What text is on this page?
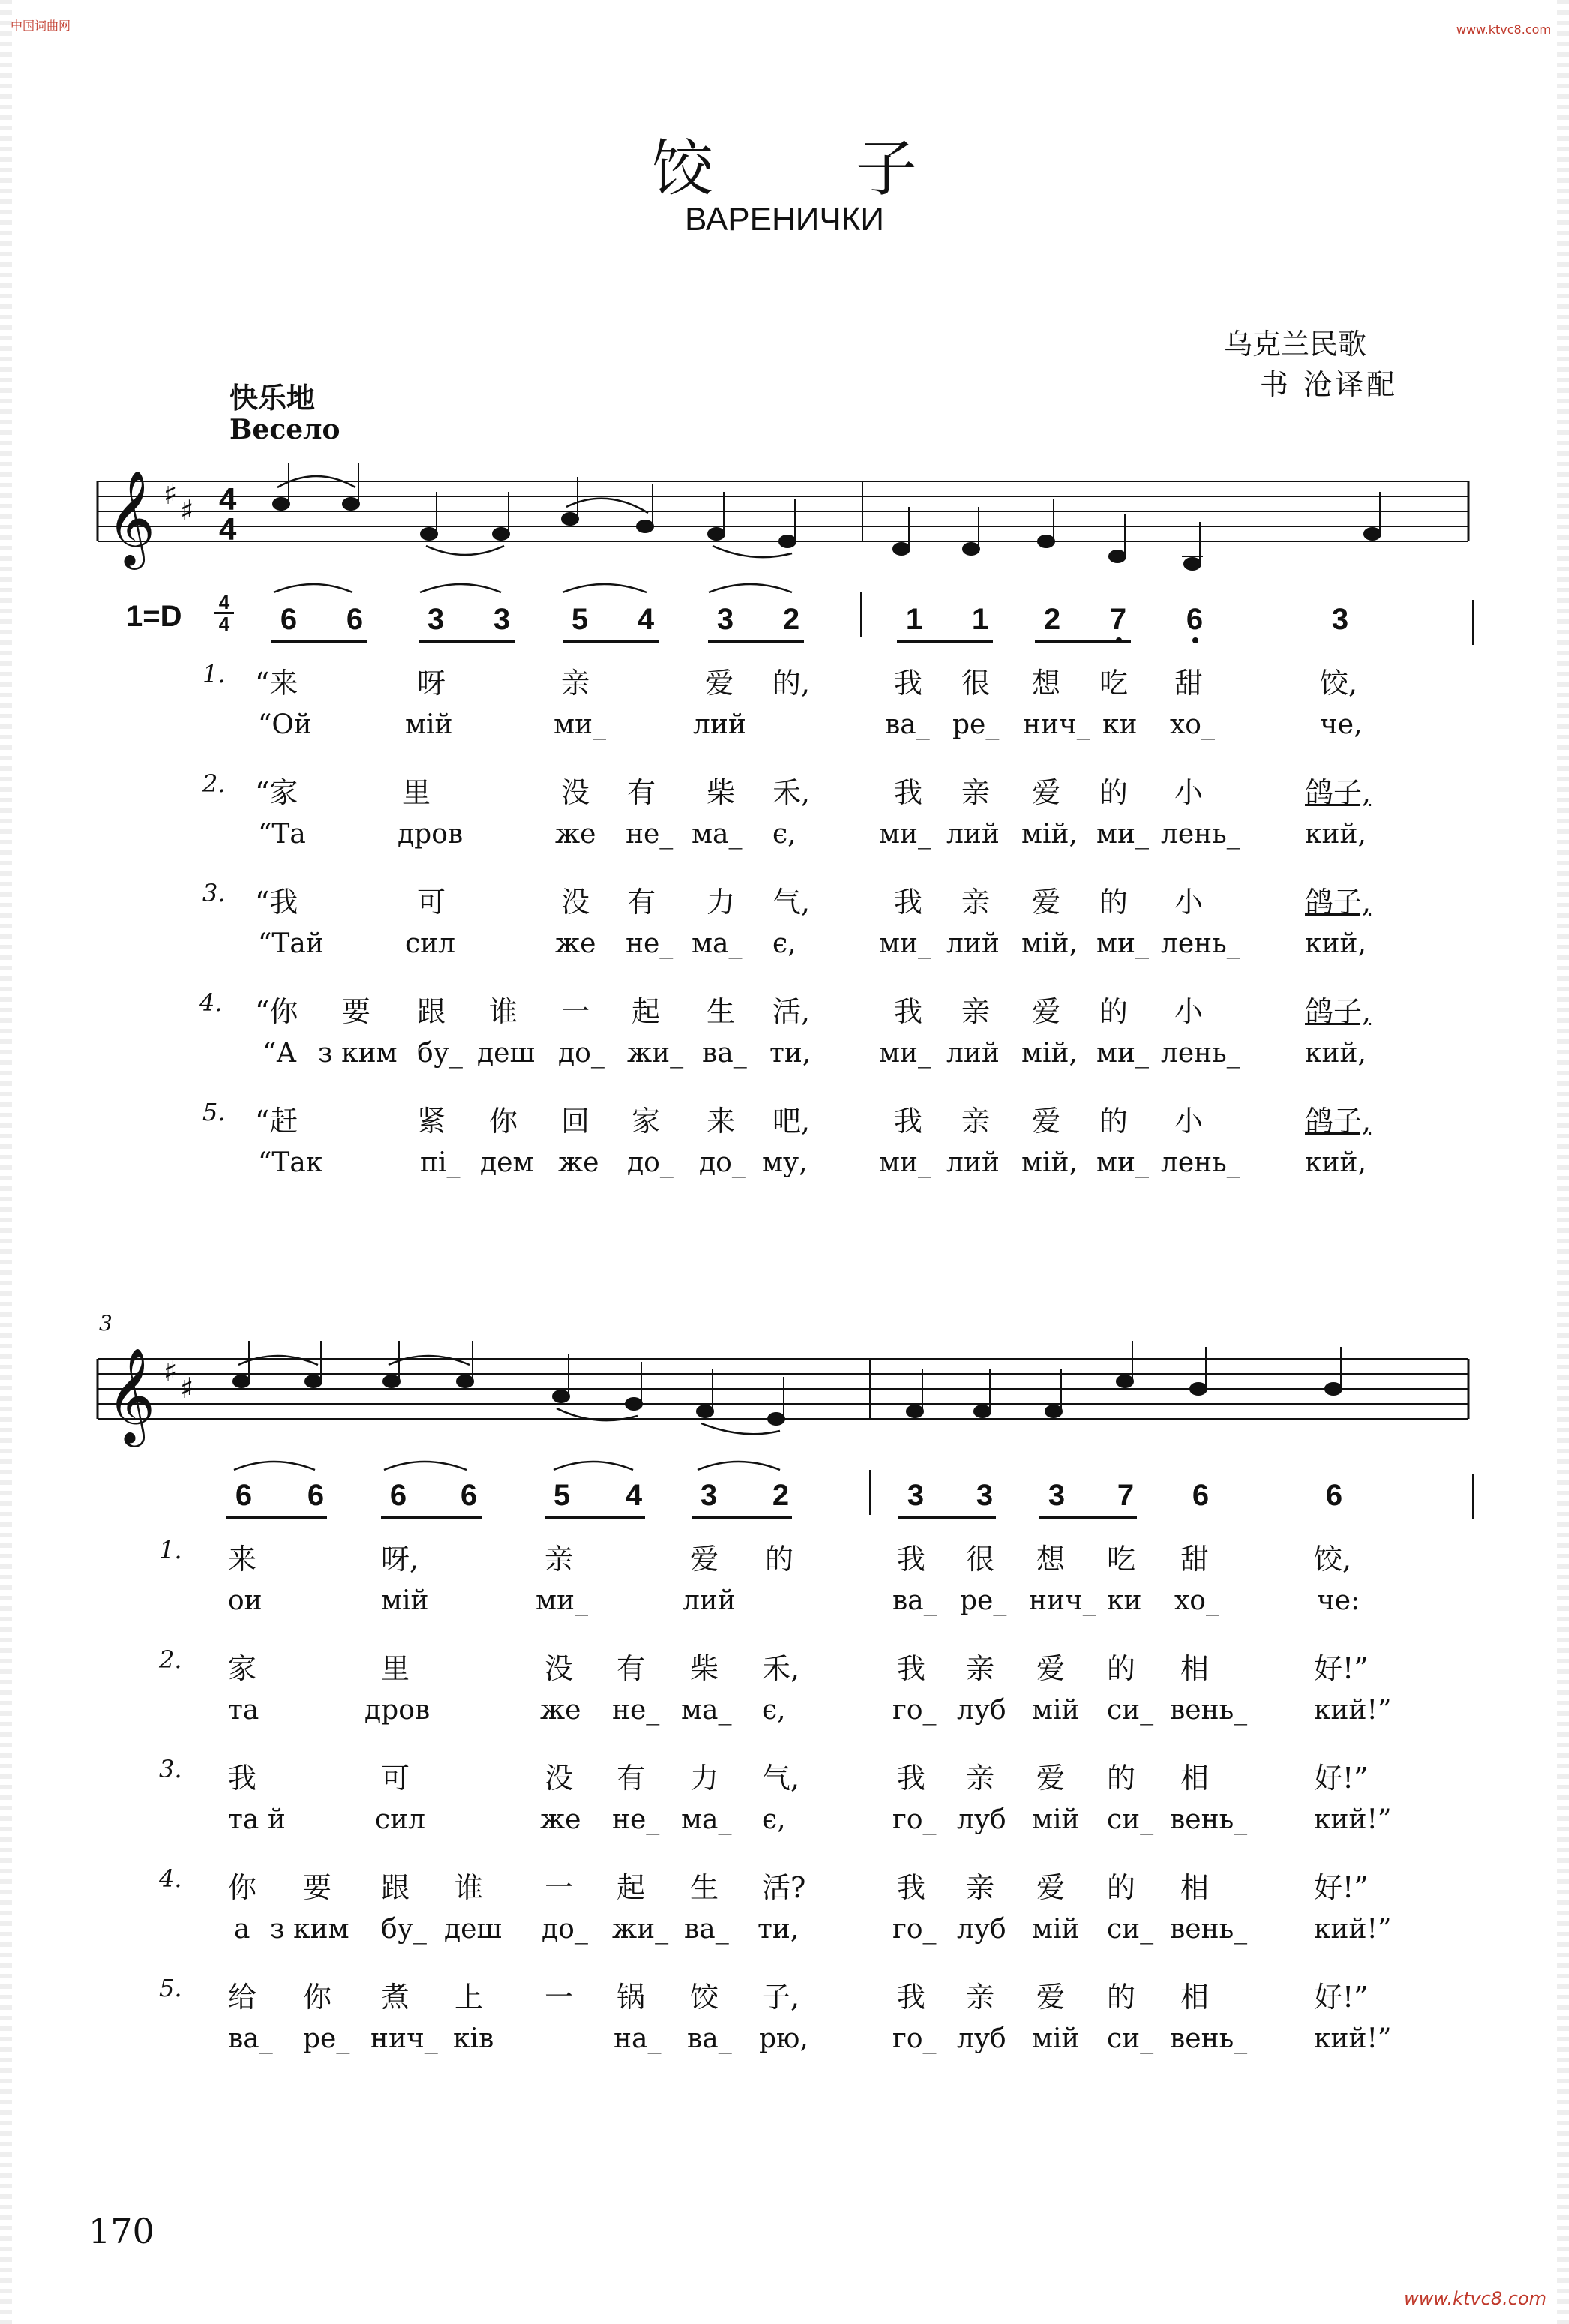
中国词曲网	www.ktvc8.com
www.ktvc8.com
饺子
ВАРЕНИЧКИ
乌克兰民歌
书 沧译配
快乐地
Весело
1=D 4
4
𝄞 ♯ ♯ 4
4
𝄞 ♯ ♯
6	6	3	3	5	4	3	2	1	1	2	7	6	3
1. “来	呀	亲	爱 的,	我 很 想 吃 甜	饺,
“Ой	мій	ми_	лий	ва_ ре_ нич_ ки хо_	че,
2. “家	里	没 有 柴 禾,	我 亲 爱 的 小	鸽子,
“Та	дров	же не_ ма_ є,	ми_ лий мій, ми_ лень_ кий,
3. “我	可	没 有 力 气,	我 亲 爱 的 小	鸽子,
“Тай	сил	же не_ ма_ є,	ми_ лий мій, ми_ лень_ кий,
4. “你 要 跟 谁 一 起 生 活,	我 亲 爱 的 小	鸽子,
“А з ким бу_ деш до_ жи_ ва_ ти,	ми_ лий мій, ми_ лень_ кий,
5. “赶	紧 你 回 家 来 吧,	我 亲 爱 的 小	鸽子,
“Так	пі_ дем же до_ до_ му,	ми_ лий мій, ми_ лень_ кий,
3
6	6	6	6	5	4	3	2	3	3	3	7	6	6
1. 来	呀,	亲	爱 的	我 很 想 吃 甜	饺,
ои	мій	ми_	лий	ва_ ре_ нич_ ки хо_	че:
2. 家	里	没 有 柴 禾,	我 亲 爱 的 相	好!”
та	дров	же не_ ма_ є,	го_ луб мій си_ вень_ кий!”
3. 我	可	没 有 力 气,	我 亲 爱 的 相	好!”
та й	сил	же не_ ма_ є,	го_ луб мій си_ вень_ кий!”
4. 你 要 跟 谁 一 起 生 活?	我 亲 爱 的 相	好!”
а з ким бу_ деш до_ жи_ ва_ ти,	го_ луб мій си_ вень_ кий!”
5. 给 你 煮 上 一 锅 饺 子,	我 亲 爱 的 相	好!”
ва_ ре_ нич_ ків	на_ ва_ рю,	го_ луб мій си_ вень_ кий!”
170
